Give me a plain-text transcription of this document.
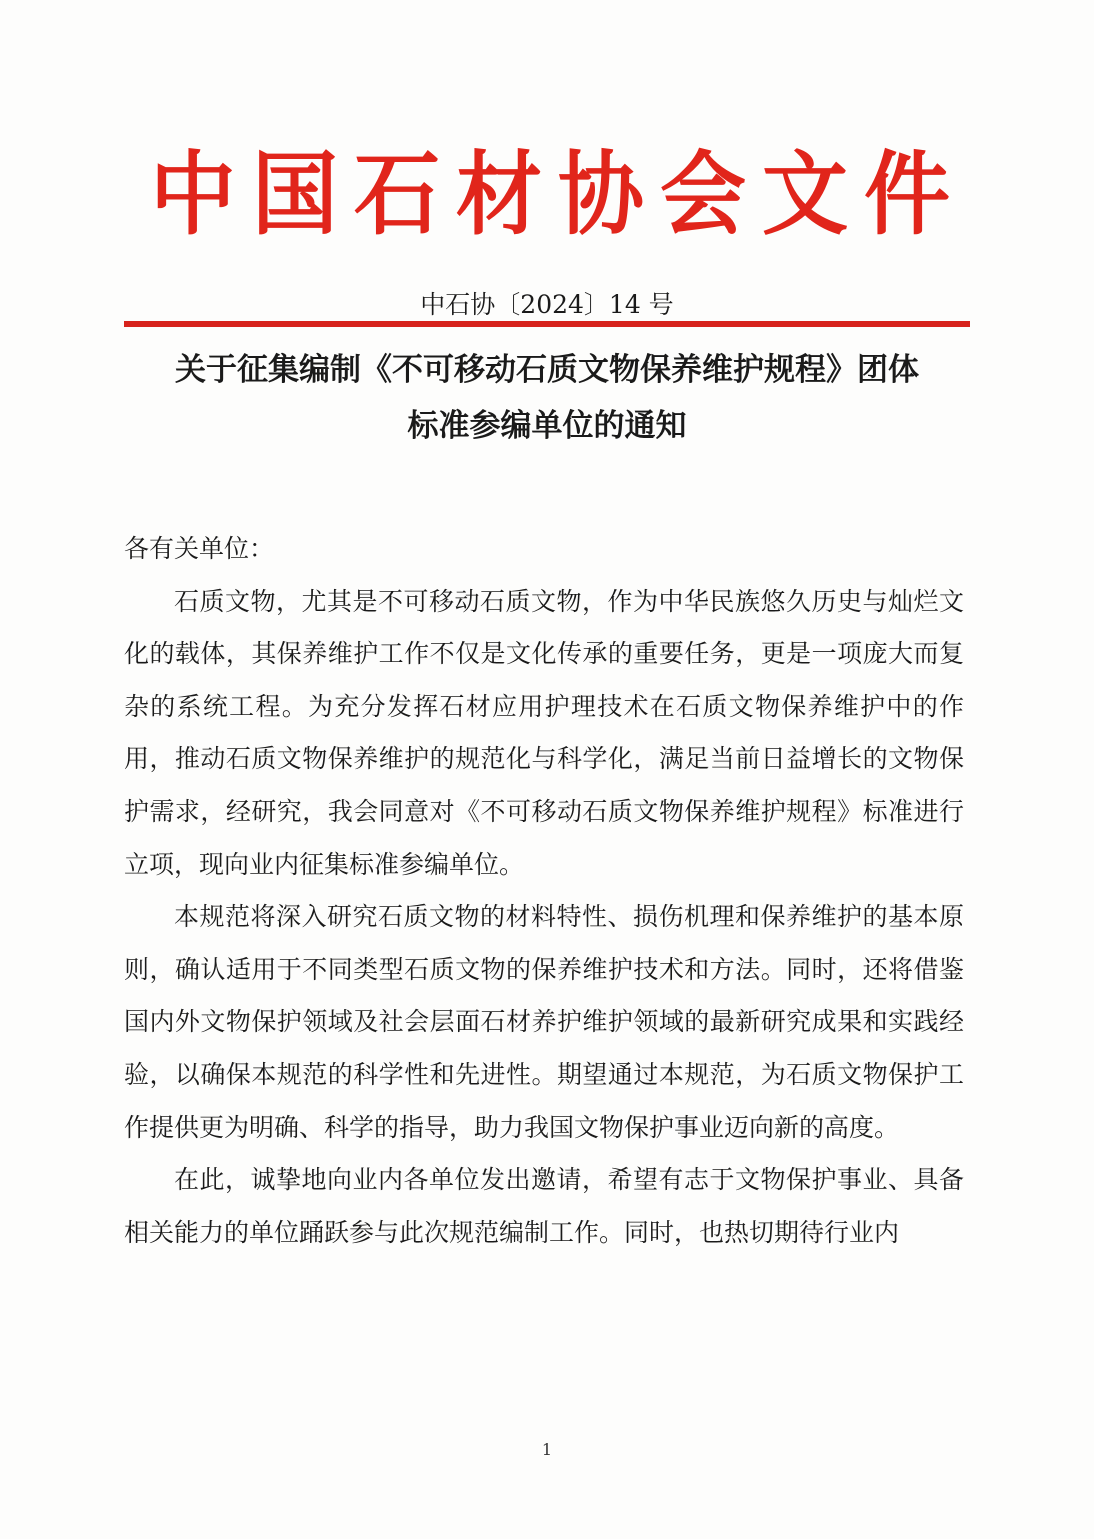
中 国 石 材 协 会 文 件
中石协〔2024〕14 号
关于征集编制《不可移动石质文物保养维护规程》团体
标准参编单位的通知

各有关单位：

石质文物，尤其是不可移动石质文物，作为中华民族悠久历史与灿烂文化的载体，其保养维护工作不仅是文化传承的重要任务，更是一项庞大而复杂的系统工程。为充分发挥石材应用护理技术在石质文物保养维护中的作用，推动石质文物保养维护的规范化与科学化，满足当前日益增长的文物保护需求，经研究，我会同意对《不可移动石质文物保养维护规程》标准进行立项，现向业内征集标准参编单位。

本规范将深入研究石质文物的材料特性、损伤机理和保养维护的基本原则，确认适用于不同类型石质文物的保养维护技术和方法。同时，还将借鉴国内外文物保护领域及社会层面石材养护维护领域的最新研究成果和实践经验，以确保本规范的科学性和先进性。期望通过本规范，为石质文物保护工作提供更为明确、科学的指导，助力我国文物保护事业迈向新的高度。

在此，诚挚地向业内各单位发出邀请，希望有志于文物保护事业、具备相关能力的单位踊跃参与此次规范编制工作。同时，也热切期待行业内

1
